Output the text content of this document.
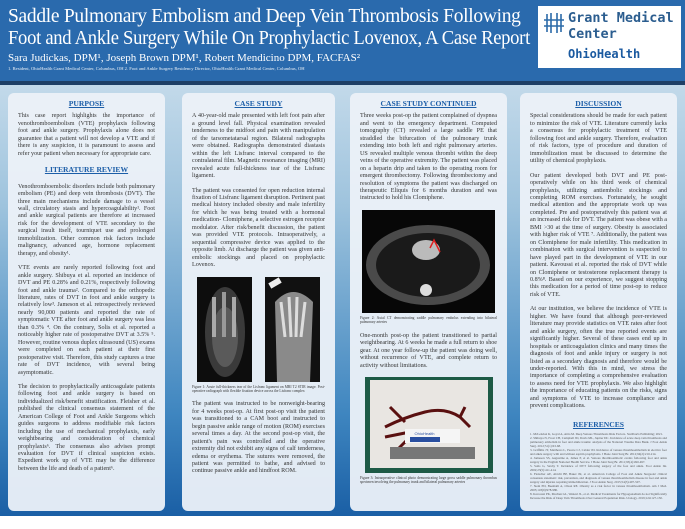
Saddle Pulmonary Embolism and Deep Vein Thrombosis Following
Foot and Ankle Surgery While On Prophylactic Lovenox, A Case Report
Sara Judickas, DPM¹, Joseph Brown DPM¹, Robert Mendicino DPM, FACFAS²
1. Resident, OhioHealth Grant Medical Center, Columbus, OH 2. Foot and Ankle Surgery Residency Director, OhioHealth Grant Medical Center, Columbus, OH
Grant Medical
Center
OhioHealth
PURPOSE

This case report highlights the importance of venothromboembolism (VTE) prophylaxis following foot and ankle surgery. Prophylaxis alone does not guarantee that a patient will not develop a VTE and if there is any suspicion, it is paramount to assess and refer your patient when necessary for appropriate care.

LITERATURE REVIEW

Venothromboembolic disorders include both pulmonary embolism (PE) and deep vein thrombosis (DVT). The three main mechanisms include damage to a vessel wall, circulatory stasis and hypercoagulability¹. Foot and ankle surgical patients are therefore at increased risk for the development of VTE secondary to the surgical insult itself, tourniquet use and prolonged immobilization. Other common risk factors include malignancy, advanced age, hormone replacement therapy, and obesity¹.

VTE events are rarely reported following foot and ankle surgery. Shibuya et al. reported an incidence of DVT and PE 0.28% and 0.21%, respectively following foot and ankle trauma². Compared to the orthopedic literature, rates of DVT in foot and ankle surgery is relatively low³. Jameson et al. retrospectively reviewed nearly 90,000 patients and reported the rate of symptomatic VTE after foot and ankle surgery was less than 0.3% ⁴. On the contrary, Solis et al. reported a noticeably higher rate of postoperative DVT at 3.5% ⁵. However, routine venous duplex ultrasound (US) exams were completed on each patient at their first postoperative visit. Therefore, this study captures a true rate of DVT incidence, with several being asymptomatic.

The decision to prophylactically anticoagulate patients following foot and ankle surgery is based on individualized risk/benefit stratification. Fleisher et al. published the clinical consensus statement of the American College of Foot and Ankle Surgeons which guides surgeons to address modifiable risk factors including the use of mechanical prophylaxis, early weightbearing and consideration of chemical prophylaxis⁶. The consensus also advises prompt evaluation for DVT if clinical suspicion exists. Expedient work up of VTE may be the difference between the life and death of a patient⁶.

CASE STUDY

A 40-year-old male presented with left foot pain after a ground level fall. Physical examination revealed tenderness to the midfoot and pain with manipulation of the tarsometatarsal region. Bilateral radiographs were obtained. Radiographs demonstrated diastasis within the left Lisfranc interval compared to the contralateral film. Magnetic resonance imaging (MRI) revealed acute full-thickness tear of the Lisfranc ligament.

The patient was consented for open reduction internal fixation of Lisfranc ligament disruption. Pertinent past medical history included obesity and male infertility for which he was being treated with a hormonal medication- Clomiphene, a selective estrogen receptor modulator. After risk/benefit discussion, the patient was provided VTE protocols. Intraoperatively, a sequential compressive device was applied to the opposite limb. At discharge the patient was given anti-embolic stockings and placed on prophylactic Lovenox.

Figure 1: Acute full-thickness tear of the Lisfranc ligament on MRI T2 STIR image. Post-operative radiograph with flexible fixation device across the Lisfranc complex

The patient was instructed to be nonweight-bearing for 4 weeks post-op. At first post-op visit the patient was transitioned to a CAM boot and instructed to begin passive ankle range of motion (ROM) exercises several times a day. At the second post-op visit, the patient's pain was controlled and the operative extremity did not exhibit any signs of calf tenderness, edema or erythema. The sutures were removed, the patient was permitted to bathe, and advised to continue passive ankle and hindfoot ROM.

CASE STUDY CONTINUED

Three weeks post-op the patient complained of dyspnea and went to the emergency department. Computed tomography (CT) revealed a large saddle PE that straddled the bifurcation of the pulmonary trunk extending into both left and right pulmonary arteries. US revealed multiple venous thrombi within the deep veins of the operative extremity. The patient was placed on a heparin drip and taken to the operating room for emergent thrombectomy. Following thrombectomy and resolution of symptoms the patient was discharged on therapeutic Eliquis for 6 months duration and was instructed to hold his Clomiphene.

Figure 2: Axial CT demonstrating saddle pulmonary embolus extending into bilateral pulmonary arteries

One-month post-op the patient transitioned to partial weightbearing. At 6 weeks he made a full return to shoe gear. At one year follow-up the patient was doing well, without recurrence of VTE, and complete return to activity without limitations.

OhioHealth
Figure 3: Intraoperative clinical photo demonstrating large gross saddle pulmonary thrombus specimen involving the pulmonary trunk and bilateral pulmonary arteries
DISCUSSION

Special considerations should be made for each patient to minimize the risk of VTE. Literature currently lacks a consensus for prophylactic treatment of VTE following foot and ankle surgery. Therefore, evaluation of risk factors, type of procedure and duration of immobilization must be discussed to determine the utility of chemical prophylaxis.

Our patient developed both DVT and PE post-operatively while on his third week of chemical prophylaxis, utilizing antiembolic stockings and completing ROM exercises. Fortunately, he sought medical attention and the appropriate work up was completed. Pre and postoperatively this patient was at an increased risk for DVT. The patient was obese with a BMI >30 at the time of surgery. Obesity is associated with higher risk of VTE ⁷. Additionally, the patient was on Clomiphene for male infertility. This medication in combination with surgical intervention is suspected to have played part in the development of VTE in our patient. Kavoussi et al. reported the risk of DVT while on Clomiphene or testosterone replacement therapy is 0.8%⁸. Based on our experience, we suggest stopping this medication for a period of time post-op to reduce risk of VTE.

At our institution, we believe the incidence of VTE is higher. We have found that although peer-reviewed literature may provide statistics on VTE rates after foot and ankle surgery, often the true reported events are significantly higher. Several of these cases end up in hospitals or anticoagulation clinics and many times the diagnosis of foot and ankle injury or surgery is not listed as a secondary diagnosis and therefore would be under-reported. With this in mind, we stress the importance of completing a comprehensive evaluation to assess need for VTE prophylaxis. We also highlight the importance of educating patients on the risks, signs and symptoms of VTE to increase compliance and prevent complications.

REFERENCES
1. McLendon K, Goyal A, Attia M. Deep Venous Thrombosis Risk Factors. StatPearls Publishing; 2021.
2. Shibuya N, Frost CH, Campbell JD, Davis ML, Jupiter DC. Incidence of acute deep vein thrombosis and pulmonary embolism in foot and ankle trauma: analysis of the National Trauma Data Bank. J Foot Ankle Surg. 2012;51(1):63-68.
3. Griffiths JT, Matthews L, Pearce CJ, Calder JD. Incidence of venous thromboembolism in elective foot and ankle surgery with and without aspirin prophylaxis. J Bone Joint Surg Br. 2012;94(2):210-214.
4. Jameson SS, Augustine A, James P, et al. Venous thromboembolic events following foot and ankle surgery in the English National Health Service. J Bone Joint Surg Br. 2011;93(4):490-497.
5. Solis G, Saxby T. Incidence of DVT following surgery of the foot and ankle. Foot Ankle Int. 2002;23(5):411-414.
6. Fleischer AE, Abicht BP, Baker JR, et al. American College of Foot and Ankle Surgeons' clinical consensus statement: risk, prevention, and diagnosis of venous thromboembolism disease in foot and ankle surgery and injuries requiring immobilization. J Foot Ankle Surg. 2015;54(3):497-507.
7. Stein PD, Beemath A, Olson RE. Obesity as a risk factor in venous thromboembolism. Am J Med. 2005;118(9):978-980.
8. Kavoussi PK, Machen GL, Wenzel JL, et al. Medical Treatments for Hypogonadism do not Significantly Increase the Risk of Deep Vein Thrombosis Over General Population Risk. Urology. 2019;124:127-130.
